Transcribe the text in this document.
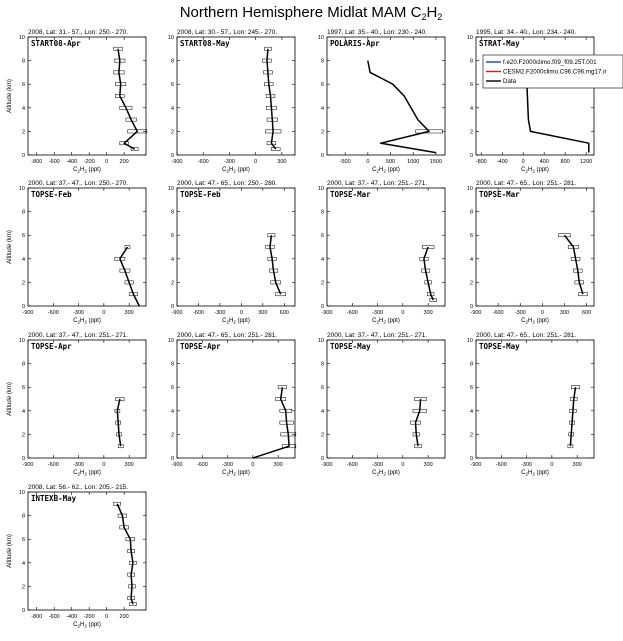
Northern Hemisphere Midlat MAM $C_2H_2$
2008, Lat: 31.- 57., Lon: 250.- 270.
0
2
4
6
8
10
-800 -600 -400 -200 0 200
$C_2H_2$ (ppt)
Altitude (km)
START08-Apr
2008, Lat: 30.- 57., Lon: 245.- 270.
0
2
4
6
8
10
-900	-600	-300	0	300
$C_2H_2$ (ppt)
START08-May
1997, Lat: 35.- 40., Lon: 230.- 240.
0
2
4
6
8
10
-500	0	500 1000 1500
$C_2H_2$ (ppt)
POLARIS-Apr
1995, Lat: 34.- 40., Lon: 234.- 240.
0
2
4
6
8
10
-800 -400	0	400 800 1200
$C_2H_2$ (ppt)
STRAT-May
2000, Lat: 37.- 47., Lon: 250.- 270.
0
2
4
6
8
10
-900	-600	-300	0	300
$C_2H_2$ (ppt)
Altitude (km)
TOPSE-Feb
2000, Lat: 47.- 65., Lon: 250.- 280.
0
2
4
6
8
10
-900 -600 -300	0	300 600
$C_2H_2$ (ppt)
TOPSE-Feb
2000, Lat: 37.- 47., Lon: 251.- 271.
0
2
4
6
8
10
-900	-600	-300	0	300
$C_2H_2$ (ppt)
TOPSE-Mar
2000, Lat: 47.- 65., Lon: 251.- 281.
0
2
4
6
8
10
-900 -600 -300	0	300 600
$C_2H_2$ (ppt)
TOPSE-Mar
2000, Lat: 37.- 47., Lon: 251.- 271.
0
2
4
6
8
10
-900	-600	-300	0	300
$C_2H_2$ (ppt)
Altitude (km)
TOPSE-Apr
2000, Lat: 47.- 65., Lon: 251.- 281.
0
2
4
6
8
10
-900	-600	-300	0	300
$C_2H_2$ (ppt)
TOPSE-Apr
2000, Lat: 37.- 47., Lon: 251.- 271.
0
2
4
6
8
10
-900	-600	-300	0	300
$C_2H_2$ (ppt)
TOPSE-May
2000, Lat: 47.- 65., Lon: 251.- 281.
0
2
4
6
8
10
-900	-600	-300	0	300
$C_2H_2$ (ppt)
TOPSE-May
2008, Lat: 56.- 62., Lon: 205.- 215.
0
2
4
6
8
10
-800 -600 -400 -200 0 200
$C_2H_2$ (ppt)
Altitude (km)
INTEXB-May
f.e20.F2000climo.f09_f09.25T.001
CESM2.F2000climo.C96.C96.mg17.ir
Data
